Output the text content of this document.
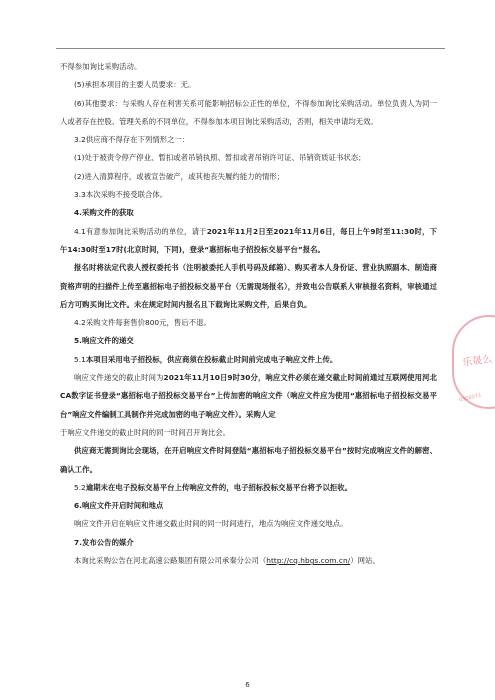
不得参加询比采购活动。

(5)承担本项目的主要人员要求：无。

(6)其他要求：与采购人存在利害关系可能影响招标公正性的单位，不得参加询比采购活动。单位负责人为同一人或者存在控股、管理关系的不同单位，不得参加本项目询比采购活动，否则，相关申请均无效。

3.2供应商不得存在下列情形之一：

(1)处于被责令停产停业、暂扣或者吊销执照、暂扣或者吊销许可证、吊销资质证书状态；

(2)进入清算程序，或被宣告破产，或其他丧失履约能力的情形；

3.3本次采购不接受联合体。

4.采购文件的获取

4.1有意参加询比采购活动的单位，请于2021年11月2日至2021年11月6日，每日上午9时至11:30时，下午14:30时至17时(北京时间，下同)，登录“惠招标电子招投标交易平台”报名。

报名时将法定代表人授权委托书（注明被委托人手机号码及邮箱）、购买者本人身份证、营业执照副本、制造商资格声明的扫描件上传至惠招标电子招投标交易平台（无需现场报名），并致电公告联系人审核报名资料，审核通过后方可购买询比文件。未在规定时间内报名且下载询比采购文件，后果自负。

4.2采购文件每套售价800元，售后不退。

5.响应文件的递交

5.1本项目采用电子招投标，供应商须在投标截止时间前完成电子响应文件上传。

响应文件递交的截止时间为2021年11月10日9时30分，响应文件必须在递交截止时间前通过互联网使用河北CA数字证书登录“惠招标电子招投标交易平台”上传加密的响应文件（响应文件应为使用“惠招标电子招投标交易平台”响应文件编制工具制作并完成加密的电子响应文件）。采购人定

于响应文件递交的截止时间的同一时间召开询比会。

供应商无需到询比会现场，在开启响应文件时间登陆“惠招标电子招投标交易平台”按时完成响应文件的解密、确认工作。

5.2逾期未在电子投标交易平台上传响应文件的，电子招标投标交易平台将予以拒收。

6.响应文件开启时间和地点

响应文件开启在响应文件递交截止时间的同一时间进行，地点为响应文件递交地点。

7.发布公告的媒介

本询比采购公告在河北高速公路集团有限公司承秦分公司（http://cq.hbgs.com.cn/）网站、

乐晟么
0506073
6
